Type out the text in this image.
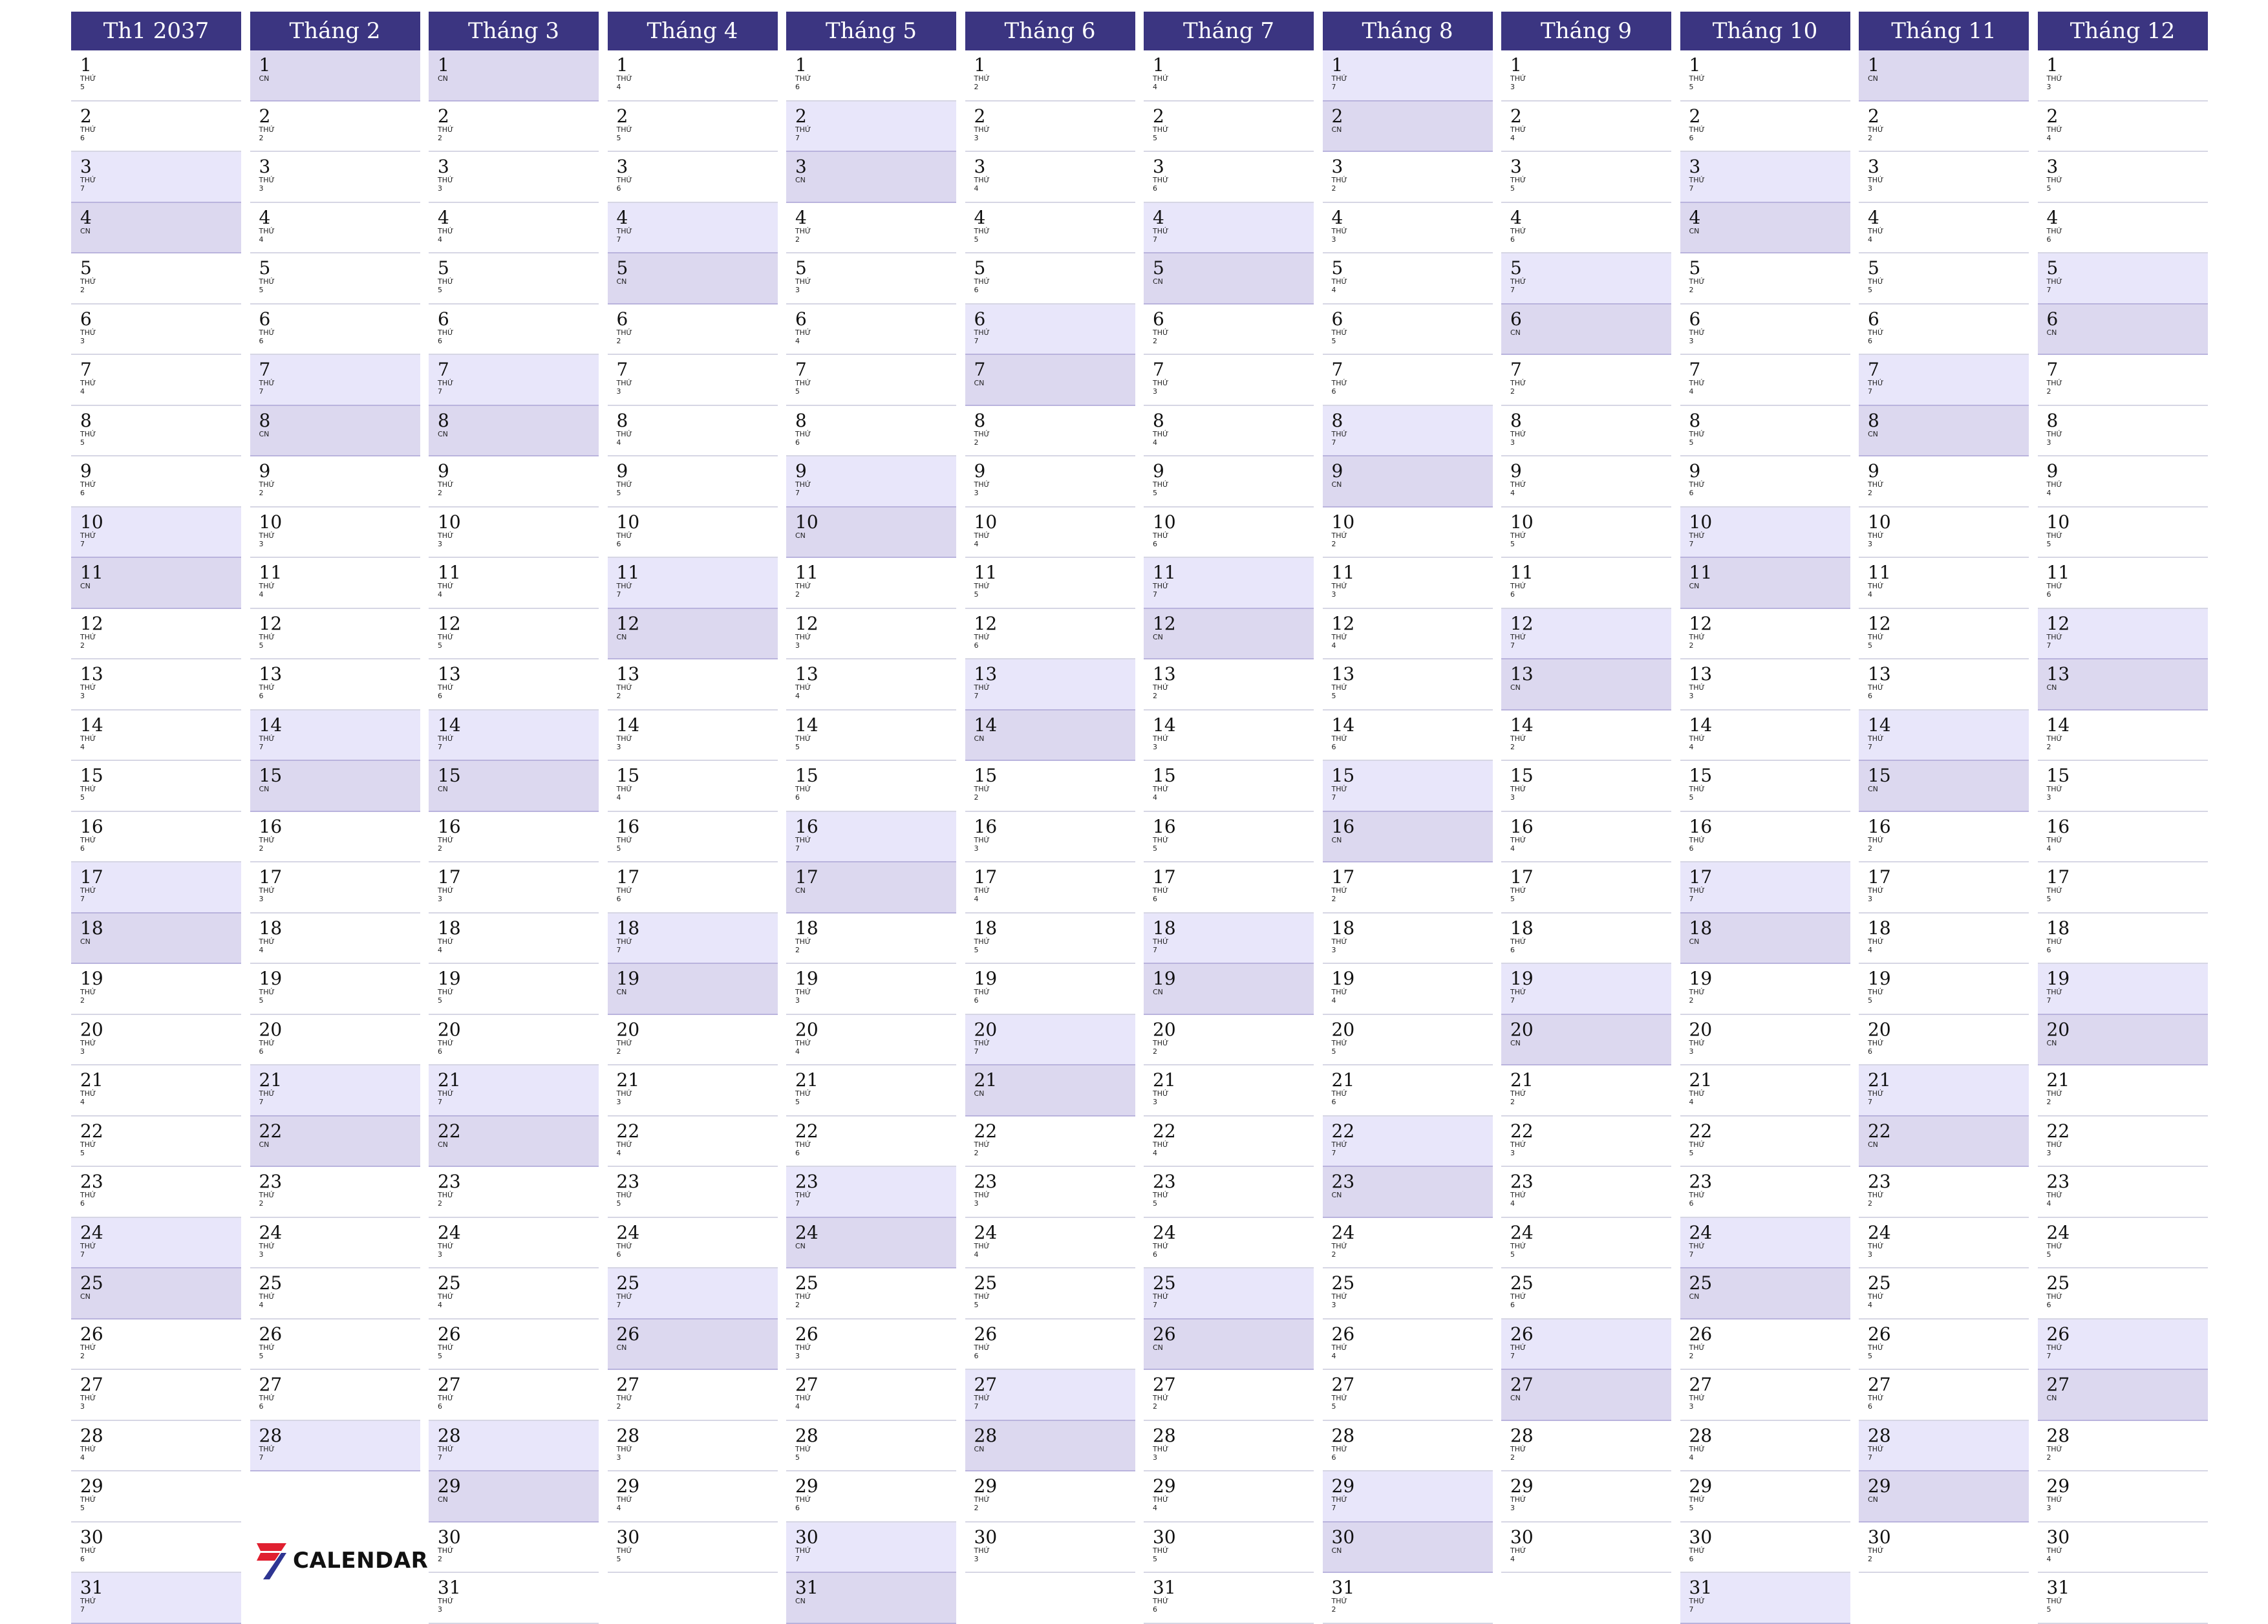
Th1 2037
1
THỨ
5
2
THỨ
6
3
THỨ
7
4
CN
5
THỨ
2
6
THỨ
3
7
THỨ
4
8
THỨ
5
9
THỨ
6
10
THỨ
7
11
CN
12
THỨ
2
13
THỨ
3
14
THỨ
4
15
THỨ
5
16
THỨ
6
17
THỨ
7
18
CN
19
THỨ
2
20
THỨ
3
21
THỨ
4
22
THỨ
5
23
THỨ
6
24
THỨ
7
25
CN
26
THỨ
2
27
THỨ
3
28
THỨ
4
29
THỨ
5
30
THỨ
6
31
THỨ
7
Tháng 2
1
CN
2
THỨ
2
3
THỨ
3
4
THỨ
4
5
THỨ
5
6
THỨ
6
7
THỨ
7
8
CN
9
THỨ
2
10
THỨ
3
11
THỨ
4
12
THỨ
5
13
THỨ
6
14
THỨ
7
15
CN
16
THỨ
2
17
THỨ
3
18
THỨ
4
19
THỨ
5
20
THỨ
6
21
THỨ
7
22
CN
23
THỨ
2
24
THỨ
3
25
THỨ
4
26
THỨ
5
27
THỨ
6
28
THỨ
7
Tháng 3
1
CN
2
THỨ
2
3
THỨ
3
4
THỨ
4
5
THỨ
5
6
THỨ
6
7
THỨ
7
8
CN
9
THỨ
2
10
THỨ
3
11
THỨ
4
12
THỨ
5
13
THỨ
6
14
THỨ
7
15
CN
16
THỨ
2
17
THỨ
3
18
THỨ
4
19
THỨ
5
20
THỨ
6
21
THỨ
7
22
CN
23
THỨ
2
24
THỨ
3
25
THỨ
4
26
THỨ
5
27
THỨ
6
28
THỨ
7
29
CN
30
THỨ
2
31
THỨ
3
Tháng 4
1
THỨ
4
2
THỨ
5
3
THỨ
6
4
THỨ
7
5
CN
6
THỨ
2
7
THỨ
3
8
THỨ
4
9
THỨ
5
10
THỨ
6
11
THỨ
7
12
CN
13
THỨ
2
14
THỨ
3
15
THỨ
4
16
THỨ
5
17
THỨ
6
18
THỨ
7
19
CN
20
THỨ
2
21
THỨ
3
22
THỨ
4
23
THỨ
5
24
THỨ
6
25
THỨ
7
26
CN
27
THỨ
2
28
THỨ
3
29
THỨ
4
30
THỨ
5
Tháng 5
1
THỨ
6
2
THỨ
7
3
CN
4
THỨ
2
5
THỨ
3
6
THỨ
4
7
THỨ
5
8
THỨ
6
9
THỨ
7
10
CN
11
THỨ
2
12
THỨ
3
13
THỨ
4
14
THỨ
5
15
THỨ
6
16
THỨ
7
17
CN
18
THỨ
2
19
THỨ
3
20
THỨ
4
21
THỨ
5
22
THỨ
6
23
THỨ
7
24
CN
25
THỨ
2
26
THỨ
3
27
THỨ
4
28
THỨ
5
29
THỨ
6
30
THỨ
7
31
CN
Tháng 6
1
THỨ
2
2
THỨ
3
3
THỨ
4
4
THỨ
5
5
THỨ
6
6
THỨ
7
7
CN
8
THỨ
2
9
THỨ
3
10
THỨ
4
11
THỨ
5
12
THỨ
6
13
THỨ
7
14
CN
15
THỨ
2
16
THỨ
3
17
THỨ
4
18
THỨ
5
19
THỨ
6
20
THỨ
7
21
CN
22
THỨ
2
23
THỨ
3
24
THỨ
4
25
THỨ
5
26
THỨ
6
27
THỨ
7
28
CN
29
THỨ
2
30
THỨ
3
Tháng 7
1
THỨ
4
2
THỨ
5
3
THỨ
6
4
THỨ
7
5
CN
6
THỨ
2
7
THỨ
3
8
THỨ
4
9
THỨ
5
10
THỨ
6
11
THỨ
7
12
CN
13
THỨ
2
14
THỨ
3
15
THỨ
4
16
THỨ
5
17
THỨ
6
18
THỨ
7
19
CN
20
THỨ
2
21
THỨ
3
22
THỨ
4
23
THỨ
5
24
THỨ
6
25
THỨ
7
26
CN
27
THỨ
2
28
THỨ
3
29
THỨ
4
30
THỨ
5
31
THỨ
6
Tháng 8
1
THỨ
7
2
CN
3
THỨ
2
4
THỨ
3
5
THỨ
4
6
THỨ
5
7
THỨ
6
8
THỨ
7
9
CN
10
THỨ
2
11
THỨ
3
12
THỨ
4
13
THỨ
5
14
THỨ
6
15
THỨ
7
16
CN
17
THỨ
2
18
THỨ
3
19
THỨ
4
20
THỨ
5
21
THỨ
6
22
THỨ
7
23
CN
24
THỨ
2
25
THỨ
3
26
THỨ
4
27
THỨ
5
28
THỨ
6
29
THỨ
7
30
CN
31
THỨ
2
Tháng 9
1
THỨ
3
2
THỨ
4
3
THỨ
5
4
THỨ
6
5
THỨ
7
6
CN
7
THỨ
2
8
THỨ
3
9
THỨ
4
10
THỨ
5
11
THỨ
6
12
THỨ
7
13
CN
14
THỨ
2
15
THỨ
3
16
THỨ
4
17
THỨ
5
18
THỨ
6
19
THỨ
7
20
CN
21
THỨ
2
22
THỨ
3
23
THỨ
4
24
THỨ
5
25
THỨ
6
26
THỨ
7
27
CN
28
THỨ
2
29
THỨ
3
30
THỨ
4
Tháng 10
1
THỨ
5
2
THỨ
6
3
THỨ
7
4
CN
5
THỨ
2
6
THỨ
3
7
THỨ
4
8
THỨ
5
9
THỨ
6
10
THỨ
7
11
CN
12
THỨ
2
13
THỨ
3
14
THỨ
4
15
THỨ
5
16
THỨ
6
17
THỨ
7
18
CN
19
THỨ
2
20
THỨ
3
21
THỨ
4
22
THỨ
5
23
THỨ
6
24
THỨ
7
25
CN
26
THỨ
2
27
THỨ
3
28
THỨ
4
29
THỨ
5
30
THỨ
6
31
THỨ
7
Tháng 11
1
CN
2
THỨ
2
3
THỨ
3
4
THỨ
4
5
THỨ
5
6
THỨ
6
7
THỨ
7
8
CN
9
THỨ
2
10
THỨ
3
11
THỨ
4
12
THỨ
5
13
THỨ
6
14
THỨ
7
15
CN
16
THỨ
2
17
THỨ
3
18
THỨ
4
19
THỨ
5
20
THỨ
6
21
THỨ
7
22
CN
23
THỨ
2
24
THỨ
3
25
THỨ
4
26
THỨ
5
27
THỨ
6
28
THỨ
7
29
CN
30
THỨ
2
Tháng 12
1
THỨ
3
2
THỨ
4
3
THỨ
5
4
THỨ
6
5
THỨ
7
6
CN
7
THỨ
2
8
THỨ
3
9
THỨ
4
10
THỨ
5
11
THỨ
6
12
THỨ
7
13
CN
14
THỨ
2
15
THỨ
3
16
THỨ
4
17
THỨ
5
18
THỨ
6
19
THỨ
7
20
CN
21
THỨ
2
22
THỨ
3
23
THỨ
4
24
THỨ
5
25
THỨ
6
26
THỨ
7
27
CN
28
THỨ
2
29
THỨ
3
30
THỨ
4
31
THỨ
5
CALENDAR
